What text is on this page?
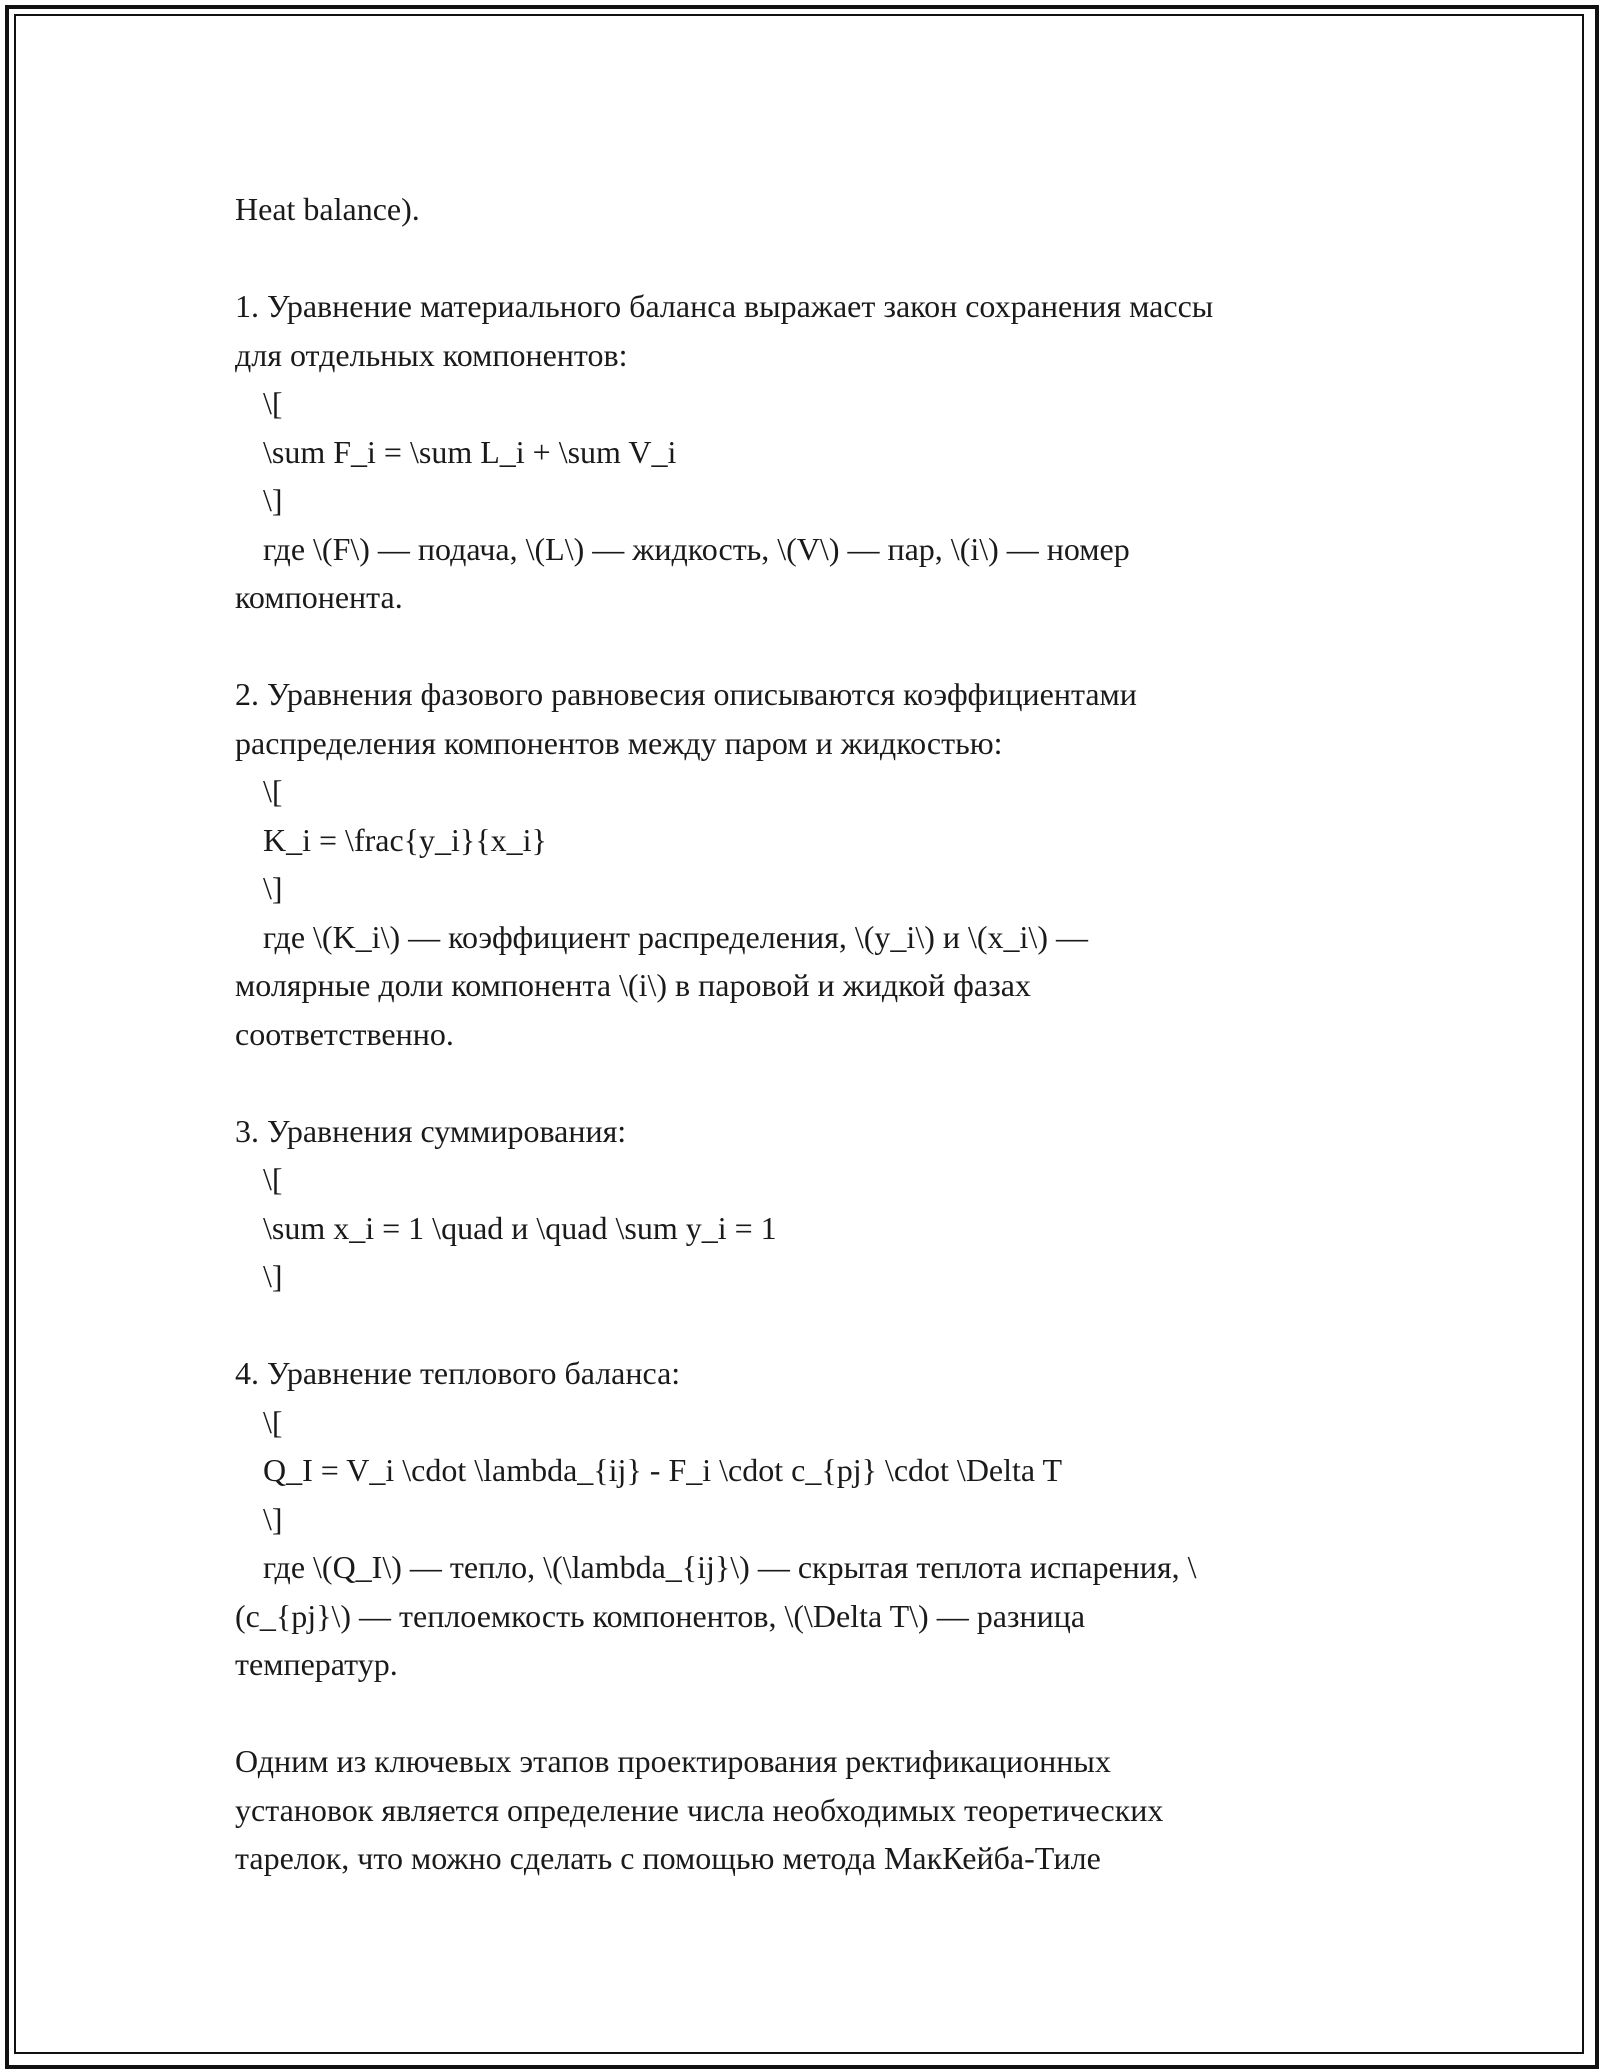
Heat balance).
1. Уравнение материального баланса выражает закон сохранения массы
для отдельных компонентов:
\[
\sum F_i = \sum L_i + \sum V_i
\]
где \(F\) — подача, \(L\) — жидкость, \(V\) — пар, \(i\) — номер
компонента.
2. Уравнения фазового равновесия описываются коэффициентами
распределения компонентов между паром и жидкостью:
\[
K_i = \frac{y_i}{x_i}
\]
где \(K_i\) — коэффициент распределения, \(y_i\) и \(x_i\) —
молярные доли компонента \(i\) в паровой и жидкой фазах
соответственно.
3. Уравнения суммирования:
\[
\sum x_i = 1 \quad и \quad \sum y_i = 1
\]
4. Уравнение теплового баланса:
\[
Q_I = V_i \cdot \lambda_{ij} - F_i \cdot c_{pj} \cdot \Delta T
\]
где \(Q_I\) — тепло, \(\lambda_{ij}\) — скрытая теплота испарения, \
(c_{pj}\) — теплоемкость компонентов, \(\Delta T\) — разница
температур.
Одним из ключевых этапов проектирования ректификационных
установок является определение числа необходимых теоретических
тарелок, что можно сделать с помощью метода МакКейба-Тиле
